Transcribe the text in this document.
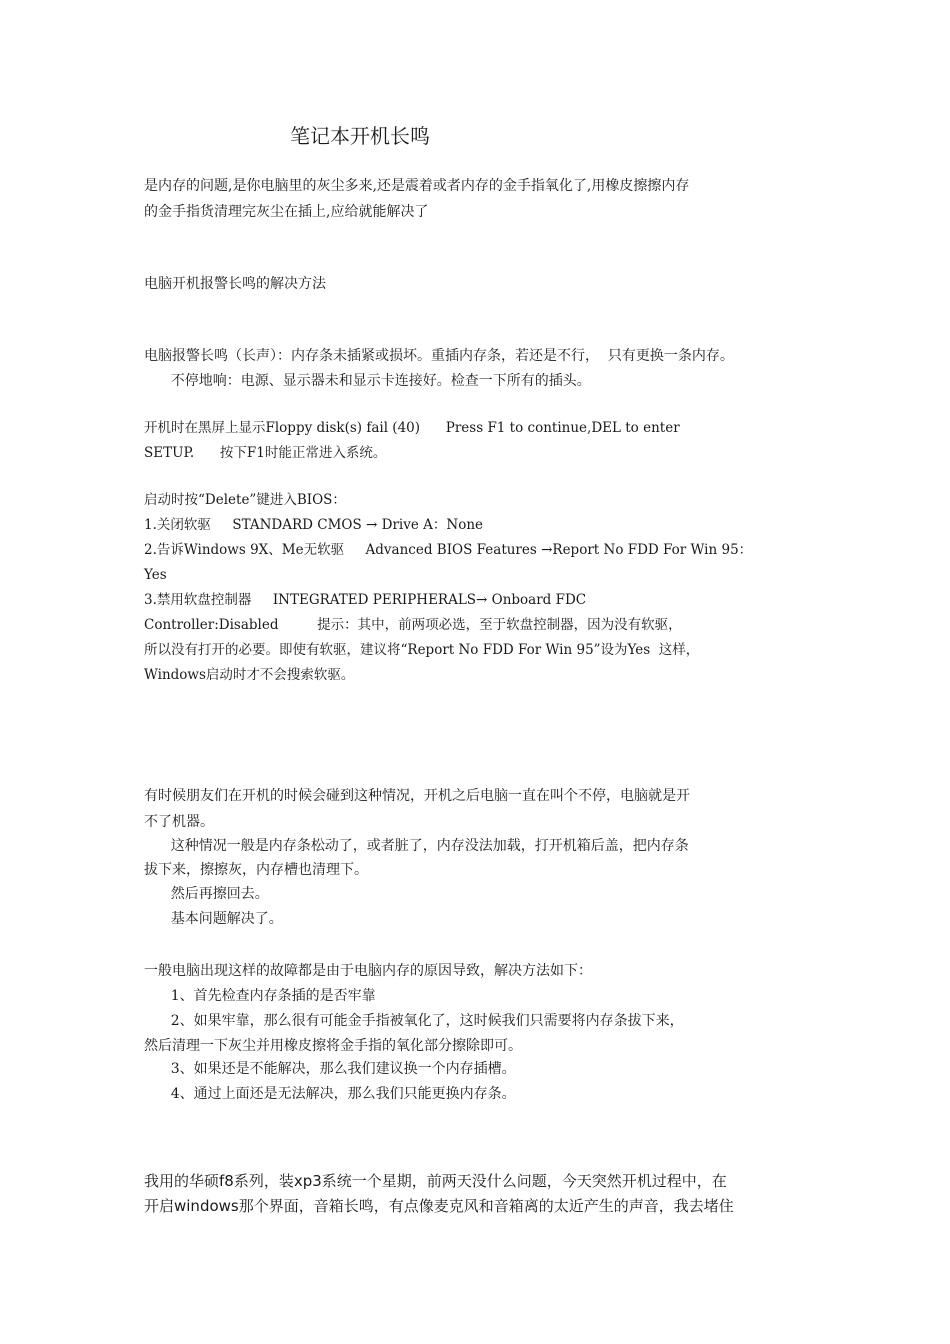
笔记本开机长鸣
是内存的问题,是你电脑里的灰尘多来,还是震着或者内存的金手指氧化了,用橡皮擦擦内存
的金手指货清理完灰尘在插上,应给就能解决了
电脑开机报警长鸣的解决方法
电脑报警长鸣（长声）：内存条未插紧或损坏。重插内存条，若还是不行，  只有更换一条内存。
不停地响：电源、显示器未和显示卡连接好。检查一下所有的插头。
开机时在黑屏上显示Floppy disk(s) fail (40)      Press F1 to continue,DEL to enter
SETUP.      按下F1时能正常进入系统。
启动时按“Delete”键进入BIOS：
1.关闭软驱     STANDARD CMOS → Drive A：None
2.告诉Windows 9X、Me无软驱     Advanced BIOS Features →Report No FDD For Win 95：
Yes
3.禁用软盘控制器     INTEGRATED PERIPHERALS→ Onboard FDC
Controller:Disabled         提示：其中，前两项必选，至于软盘控制器，因为没有软驱，
所以没有打开的必要。即使有软驱，建议将“Report No FDD For Win 95”设为Yes  这样，
Windows启动时才不会搜索软驱。
有时候朋友们在开机的时候会碰到这种情况，开机之后电脑一直在叫个不停，电脑就是开
不了机器。
这种情况一般是内存条松动了，或者脏了，内存没法加载，打开机箱后盖，把内存条
拔下来，擦擦灰，内存槽也清理下。
然后再擦回去。
基本问题解决了。
一般电脑出现这样的故障都是由于电脑内存的原因导致，解决方法如下：
1、首先检查内存条插的是否牢靠
2、如果牢靠，那么很有可能金手指被氧化了，这时候我们只需要将内存条拔下来，
然后清理一下灰尘并用橡皮擦将金手指的氧化部分擦除即可。
3、如果还是不能解决，那么我们建议换一个内存插槽。
4、通过上面还是无法解决，那么我们只能更换内存条。
我用的华硕f8系列，装xp3系统一个星期，前两天没什么问题，今天突然开机过程中，在
开启windows那个界面，音箱长鸣，有点像麦克风和音箱离的太近产生的声音，我去堵住
